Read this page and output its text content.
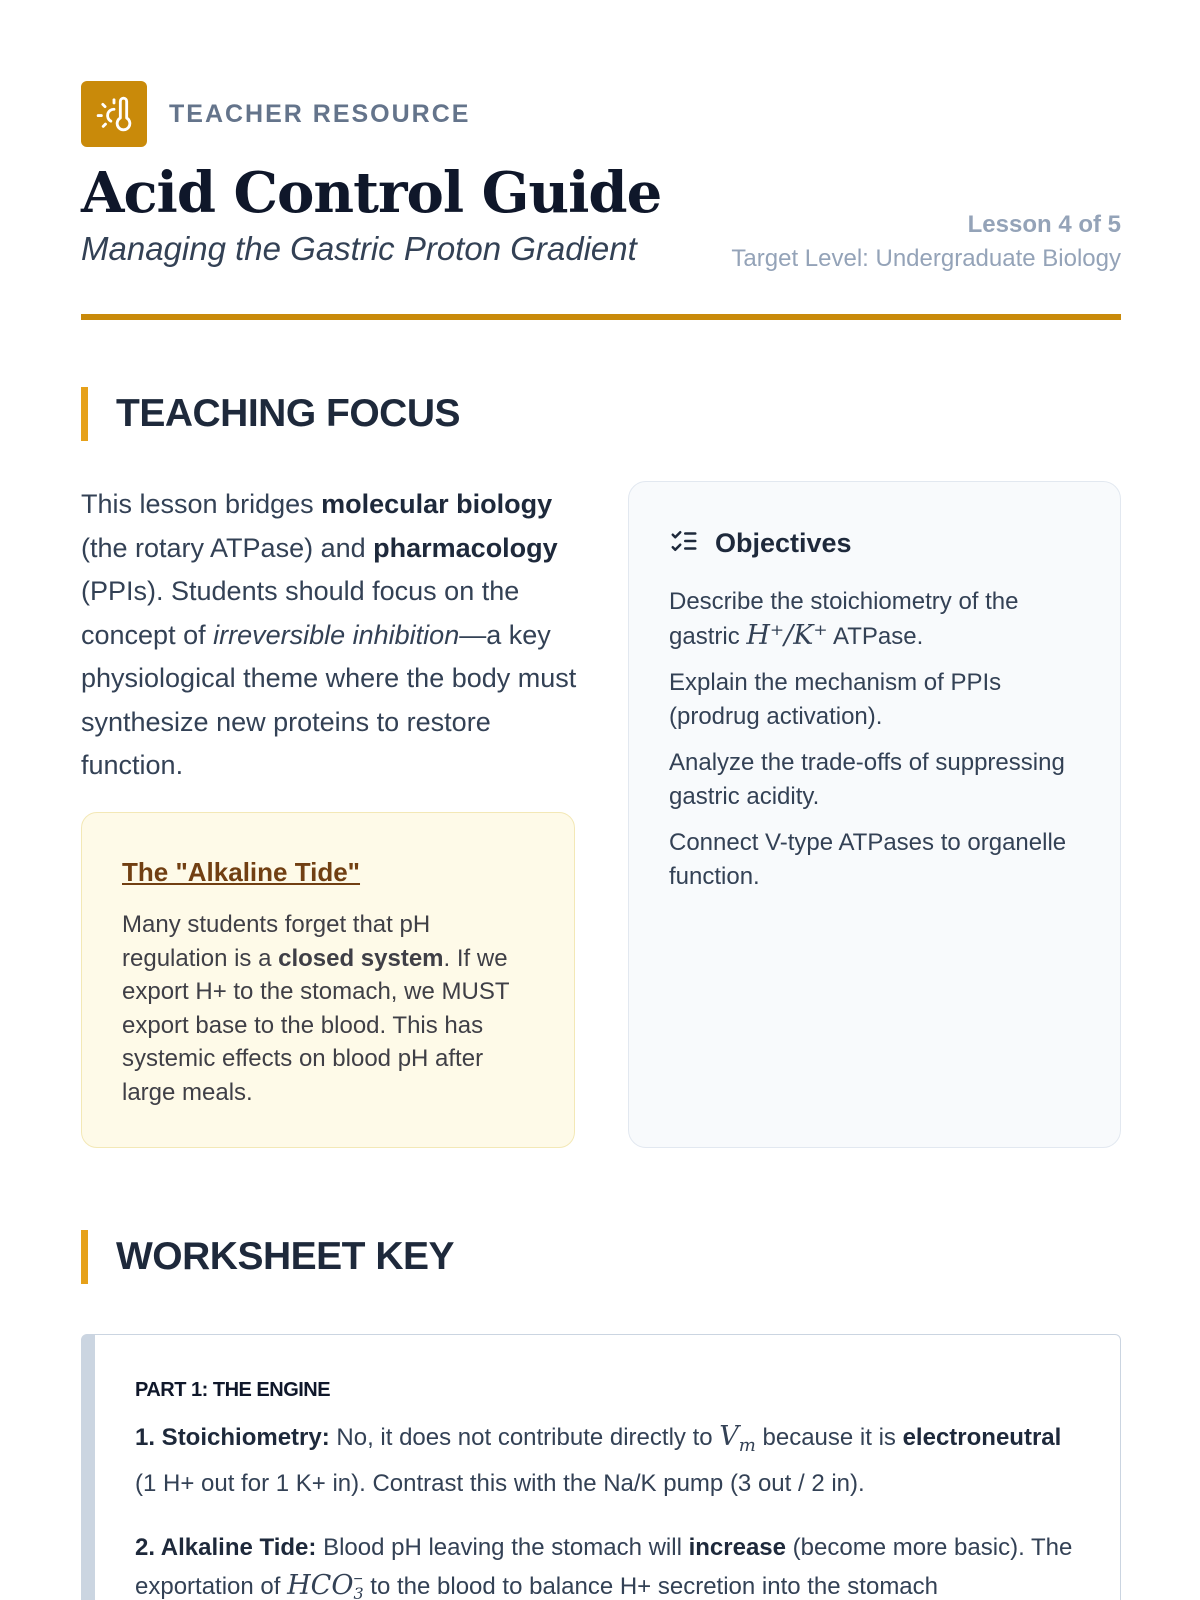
TEACHER RESOURCE
Acid Control Guide
Managing the Gastric Proton Gradient
Lesson 4 of 5
Target Level: Undergraduate Biology
TEACHING FOCUS

This lesson bridges molecular biology (the rotary ATPase) and pharmacology (PPIs). Students should focus on the concept of irreversible inhibition—a key physiological theme where the body must synthesize new proteins to restore function.

The "Alkaline Tide"

Many students forget that pH regulation is a closed system. If we export H+ to the stomach, we MUST export base to the blood. This has systemic effects on blood pH after large meals.

Objectives
Describe the stoichiometry of the gastric H⁺/K⁺ ATPase.
Explain the mechanism of PPIs (prodrug activation).
Analyze the trade-offs of suppressing gastric acidity.
Connect V-type ATPases to organelle function.
WORKSHEET KEY
PART 1: THE ENGINE

1. Stoichiometry: No, it does not contribute directly to $V_m$ because it is electroneutral (1 H+ out for 1 K+ in). Contrast this with the Na/K pump (3 out / 2 in).

2. Alkaline Tide: Blood pH leaving the stomach will increase (become more basic). The exportation of HCO −
3 to the blood to balance H+ secretion into the stomach
